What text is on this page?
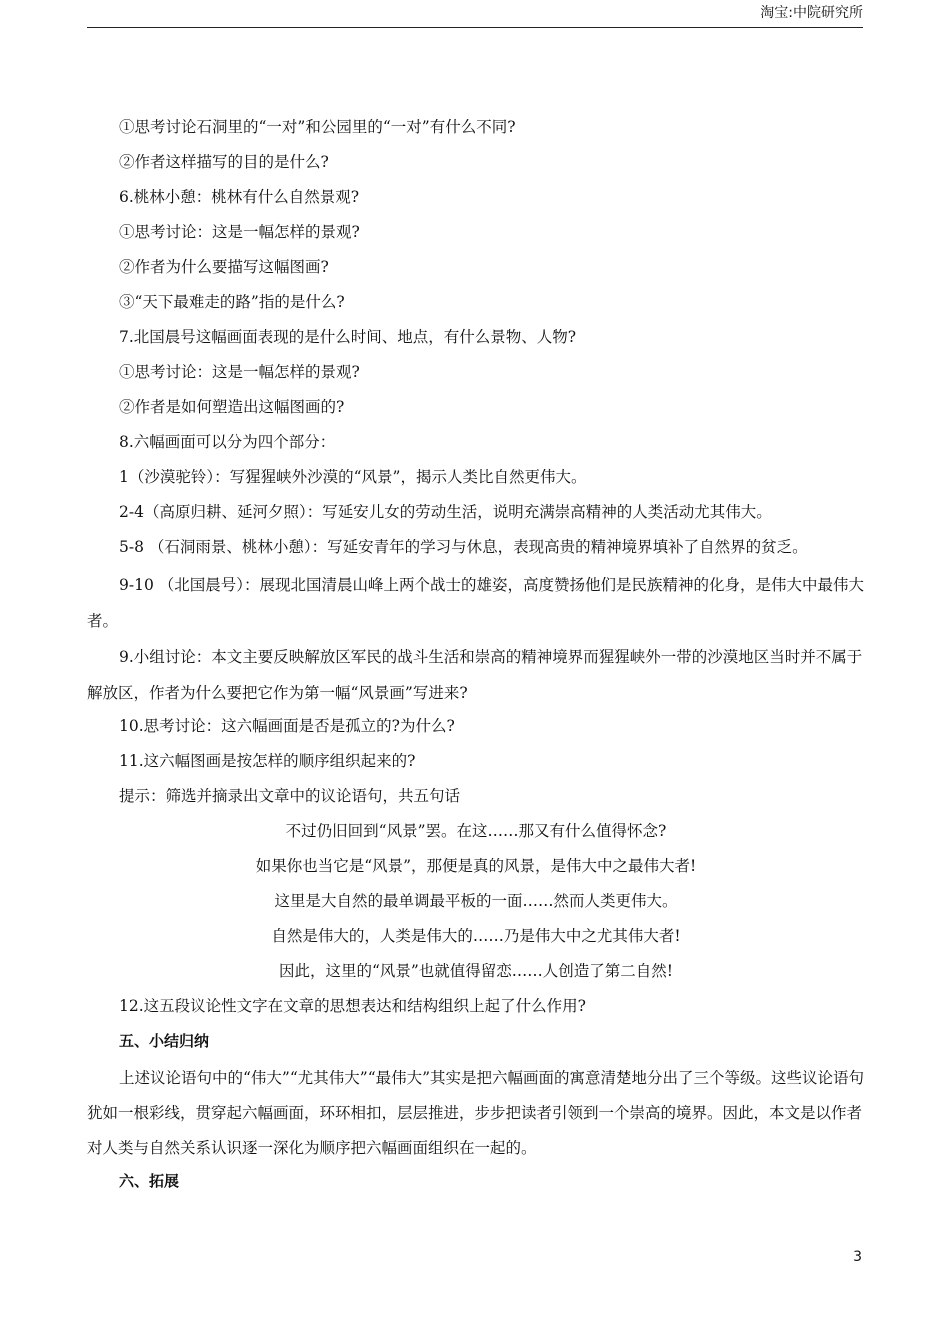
淘宝:中院研究所
①思考讨论石洞里的“一对”和公园里的“一对”有什么不同?
②作者这样描写的目的是什么?
6.桃林小憩：桃林有什么自然景观?
①思考讨论：这是一幅怎样的景观?
②作者为什么要描写这幅图画?
③“天下最难走的路”指的是什么?
7.北国晨号这幅画面表现的是什么时间、地点，有什么景物、人物?
①思考讨论：这是一幅怎样的景观?
②作者是如何塑造出这幅图画的?
8.六幅画面可以分为四个部分：
1（沙漠驼铃）：写猩猩峡外沙漠的“风景”，揭示人类比自然更伟大。
2-4（高原归耕、延河夕照）：写延安儿女的劳动生活，说明充满崇高精神的人类活动尤其伟大。
5-8 （石洞雨景、桃林小憩）：写延安青年的学习与休息，表现高贵的精神境界填补了自然界的贫乏。
9-10 （北国晨号）：展现北国清晨山峰上两个战士的雄姿，高度赞扬他们是民族精神的化身，是伟大中最伟大者。
9.小组讨论：本文主要反映解放区军民的战斗生活和崇高的精神境界而猩猩峡外一带的沙漠地区当时并不属于解放区，作者为什么要把它作为第一幅“风景画”写进来?
10.思考讨论：这六幅画面是否是孤立的?为什么?
11.这六幅图画是按怎样的顺序组织起来的?
提示：筛选并摘录出文章中的议论语句，共五句话
不过仍旧回到“风景”罢。在这……那又有什么值得怀念?
如果你也当它是“风景”，那便是真的风景，是伟大中之最伟大者!
这里是大自然的最单调最平板的一面……然而人类更伟大。
自然是伟大的，人类是伟大的……乃是伟大中之尤其伟大者!
因此，这里的“风景”也就值得留恋……人创造了第二自然!
12.这五段议论性文字在文章的思想表达和结构组织上起了什么作用?
五、小结归纳
上述议论语句中的“伟大”“尤其伟大”“最伟大”其实是把六幅画面的寓意清楚地分出了三个等级。这些议论语句犹如一根彩线，贯穿起六幅画面，环环相扣，层层推进，步步把读者引领到一个崇高的境界。因此，本文是以作者对人类与自然关系认识逐一深化为顺序把六幅画面组织在一起的。
六、拓展
3
